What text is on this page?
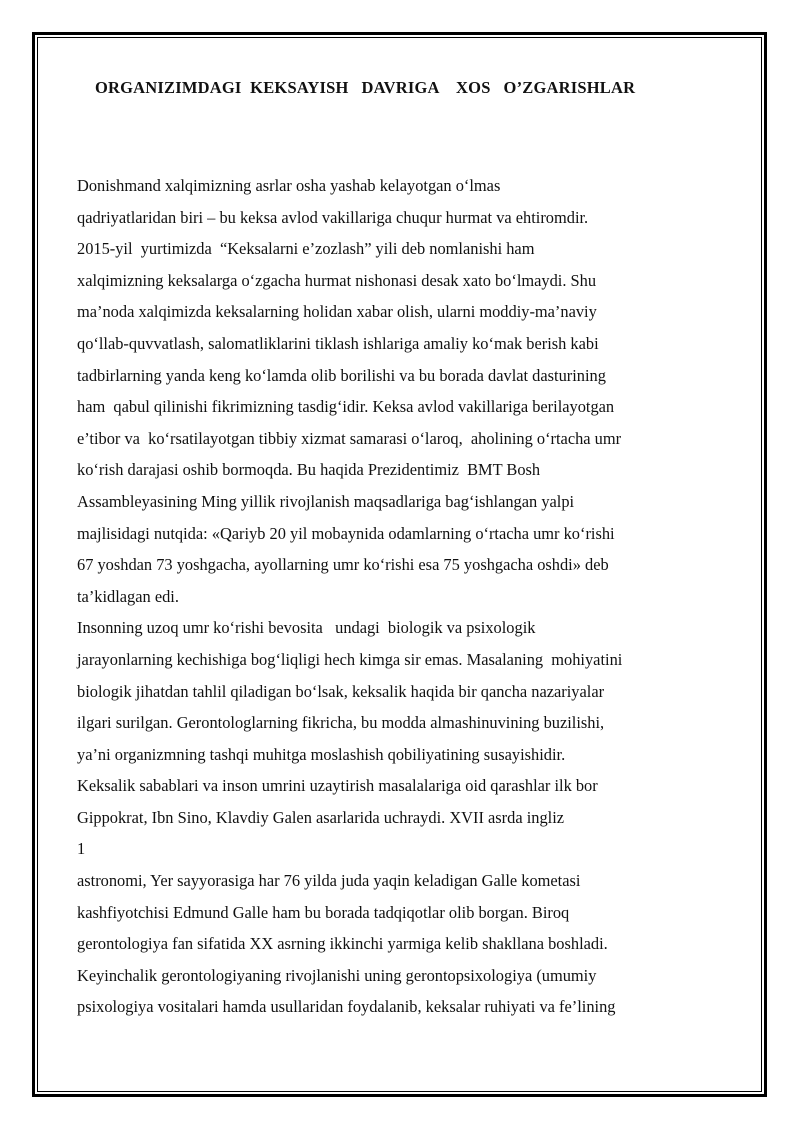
ORGANIZIMDAGI  KEKSAYISH   DAVRIGA    XOS   O’ZGARISHLAR
Donishmand xalqimizning asrlar osha yashab kelayotgan o‘lmas
qadriyatlaridan biri – bu keksa avlod vakillariga chuqur hurmat va ehtiromdir.
2015-yil  yurtimizda  “Keksalarni e’zozlash” yili deb nomlanishi ham
xalqimizning keksalarga o‘zgacha hurmat nishonasi desak xato bo‘lmaydi. Shu
ma’noda xalqimizda keksalarning holidan xabar olish, ularni moddiy-ma’naviy
qo‘llab-quvvatlash, salomatliklarini tiklash ishlariga amaliy ko‘mak berish kabi
tadbirlarning yanda keng ko‘lamda olib borilishi va bu borada davlat dasturining
ham  qabul qilinishi fikrimizning tasdig‘idir. Keksa avlod vakillariga berilayotgan
e’tibor va  ko‘rsatilayotgan tibbiy xizmat samarasi o‘laroq,  aholining o‘rtacha umr
ko‘rish darajasi oshib bormoqda. Bu haqida Prezidentimiz  BMT Bosh
Assambleyasining Ming yillik rivojlanish maqsadlariga bag‘ishlangan yalpi
majlisidagi nutqida: «Qariyb 20 yil mobaynida odamlarning o‘rtacha umr ko‘rishi
67 yoshdan 73 yoshgacha, ayollarning umr ko‘rishi esa 75 yoshgacha oshdi» deb
ta’kidlagan edi.
Insonning uzoq umr ko‘rishi bevosita   undagi  biologik va psixologik
jarayonlarning kechishiga bog‘liqligi hech kimga sir emas. Masalaning  mohiyatini
biologik jihatdan tahlil qiladigan bo‘lsak, keksalik haqida bir qancha nazariyalar
ilgari surilgan. Gerontologlarning fikricha, bu modda almashinuvining buzilishi,
ya’ni organizmning tashqi muhitga moslashish qobiliyatining susayishidir.
Keksalik sabablari va inson umrini uzaytirish masalalariga oid qarashlar ilk bor
Gippokrat, Ibn Sino, Klavdiy Galen asarlarida uchraydi. XVII asrda ingliz
1
astronomi, Yer sayyorasiga har 76 yilda juda yaqin keladigan Galle kometasi
kashfiyotchisi Edmund Galle ham bu borada tadqiqotlar olib borgan. Biroq
gerontologiya fan sifatida XX asrning ikkinchi yarmiga kelib shakllana boshladi.
Keyinchalik gerontologiyaning rivojlanishi uning gerontopsixologiya (umumiy
psixologiya vositalari hamda usullaridan foydalanib, keksalar ruhiyati va fe’lining
